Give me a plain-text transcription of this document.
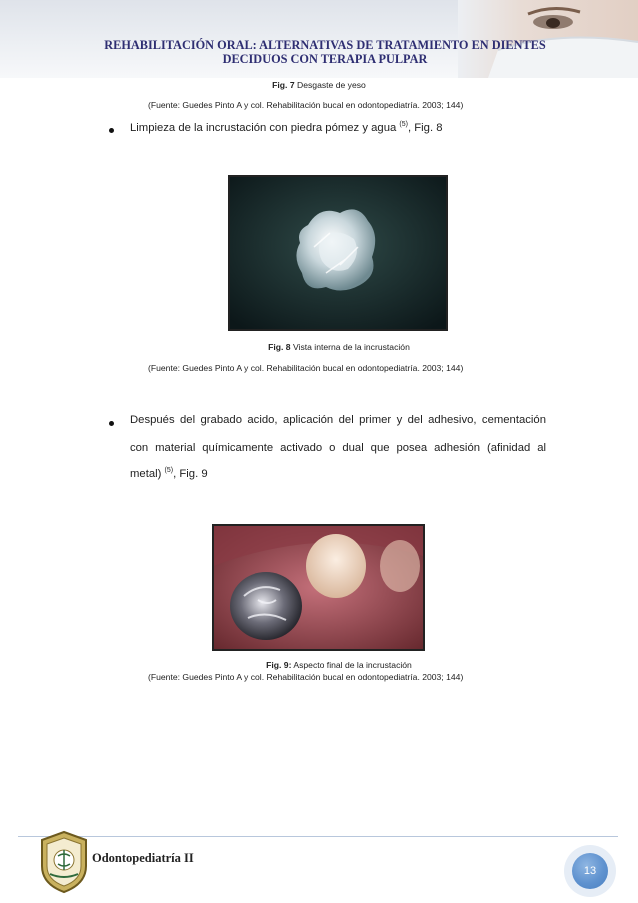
REHABILITACIÓN ORAL: ALTERNATIVAS DE TRATAMIENTO EN DIENTES
DECIDUOS CON TERAPIA PULPAR
Fig. 7 Desgaste de yeso
(Fuente: Guedes Pinto A y col. Rehabilitación bucal en odontopediatría. 2003; 144)
Limpieza de la incrustación con piedra pómez y agua $^{(5)}$, Fig. 8
Fig. 8 Vista interna de la incrustación
(Fuente: Guedes Pinto A y col. Rehabilitación bucal en odontopediatría. 2003; 144)
Después del grabado acido, aplicación del primer y del adhesivo, cementación
con material químicamente activado o dual que posea adhesión (afinidad al
metal) $^{(5)}$, Fig. 9
Fig. 9: Aspecto final de la incrustación
(Fuente: Guedes Pinto A y col. Rehabilitación bucal en odontopediatría. 2003; 144)
Odontopediatría II
13
